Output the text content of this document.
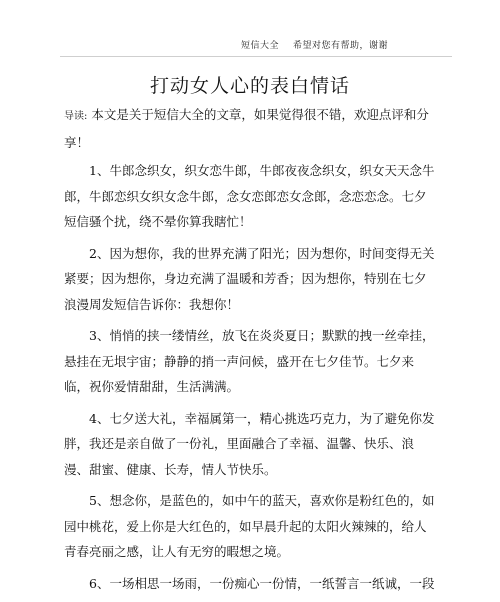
短信大全 希望对您有帮助，谢谢
打动女人心的表白情话

导读: 本文是关于短信大全的文章，如果觉得很不错，欢迎点评和分享！

1、牛郎念织女，织女恋牛郎，牛郎夜夜念织女，织女天天念牛郎，牛郎恋织女织女念牛郎，念女恋郎恋女念郎，念恋恋念。七夕短信骚个扰，绕不晕你算我瞎忙！

2、因为想你，我的世界充满了阳光；因为想你，时间变得无关紧要；因为想你，身边充满了温暖和芳香；因为想你，特别在七夕浪漫周发短信告诉你：我想你！

3、悄悄的挟一缕情丝，放飞在炎炎夏日；默默的拽一丝牵挂，悬挂在无垠宇宙；静静的捎一声问候，盛开在七夕佳节。七夕来临，祝你爱情甜甜，生活满满。

4、七夕送大礼，幸福属第一，精心挑选巧克力，为了避免你发胖，我还是亲自做了一份礼，里面融合了幸福、温馨、快乐、浪漫、甜蜜、健康、长寿，情人节快乐。

5、想念你，是蓝色的，如中午的蓝天，喜欢你是粉红色的，如园中桃花，爱上你是大红色的，如早晨升起的太阳火辣辣的，给人青春亮丽之感，让人有无穷的暇想之境。

6、一场相思一场雨，一份痴心一份情，一纸誓言一纸诚，一段
